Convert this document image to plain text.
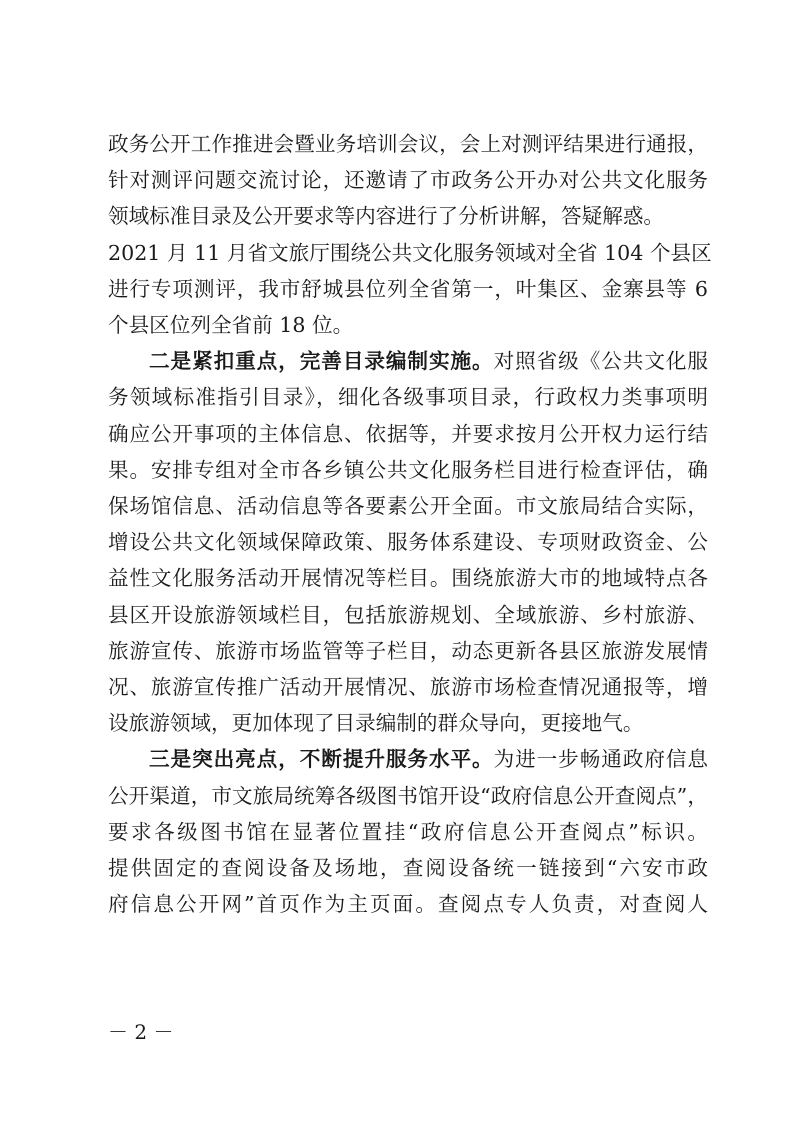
政务公开工作推进会暨业务培训会议，会上对测评结果进行通报，
针对测评问题交流讨论，还邀请了市政务公开办对公共文化服务
领域标准目录及公开要求等内容进行了分析讲解，答疑解惑。
2021 月 11 月省文旅厅围绕公共文化服务领域对全省 104 个县区
进行专项测评，我市舒城县位列全省第一，叶集区、金寨县等 6
个县区位列全省前 18 位。
二是紧扣重点，完善目录编制实施。对照省级《公共文化服
务领域标准指引目录》，细化各级事项目录，行政权力类事项明
确应公开事项的主体信息、依据等，并要求按月公开权力运行结
果。安排专组对全市各乡镇公共文化服务栏目进行检查评估，确
保场馆信息、活动信息等各要素公开全面。市文旅局结合实际，
增设公共文化领域保障政策、服务体系建设、专项财政资金、公
益性文化服务活动开展情况等栏目。围绕旅游大市的地域特点各
县区开设旅游领域栏目，包括旅游规划、全域旅游、乡村旅游、
旅游宣传、旅游市场监管等子栏目，动态更新各县区旅游发展情
况、旅游宣传推广活动开展情况、旅游市场检查情况通报等，增
设旅游领域，更加体现了目录编制的群众导向，更接地气。
三是突出亮点，不断提升服务水平。为进一步畅通政府信息
公开渠道，市文旅局统筹各级图书馆开设“政府信息公开查阅点”，
要求各级图书馆在显著位置挂“政府信息公开查阅点”标识。
提供固定的查阅设备及场地，查阅设备统一链接到“六安市政
府信息公开网”首页作为主页面。查阅点专人负责，对查阅人
－ 2 －
